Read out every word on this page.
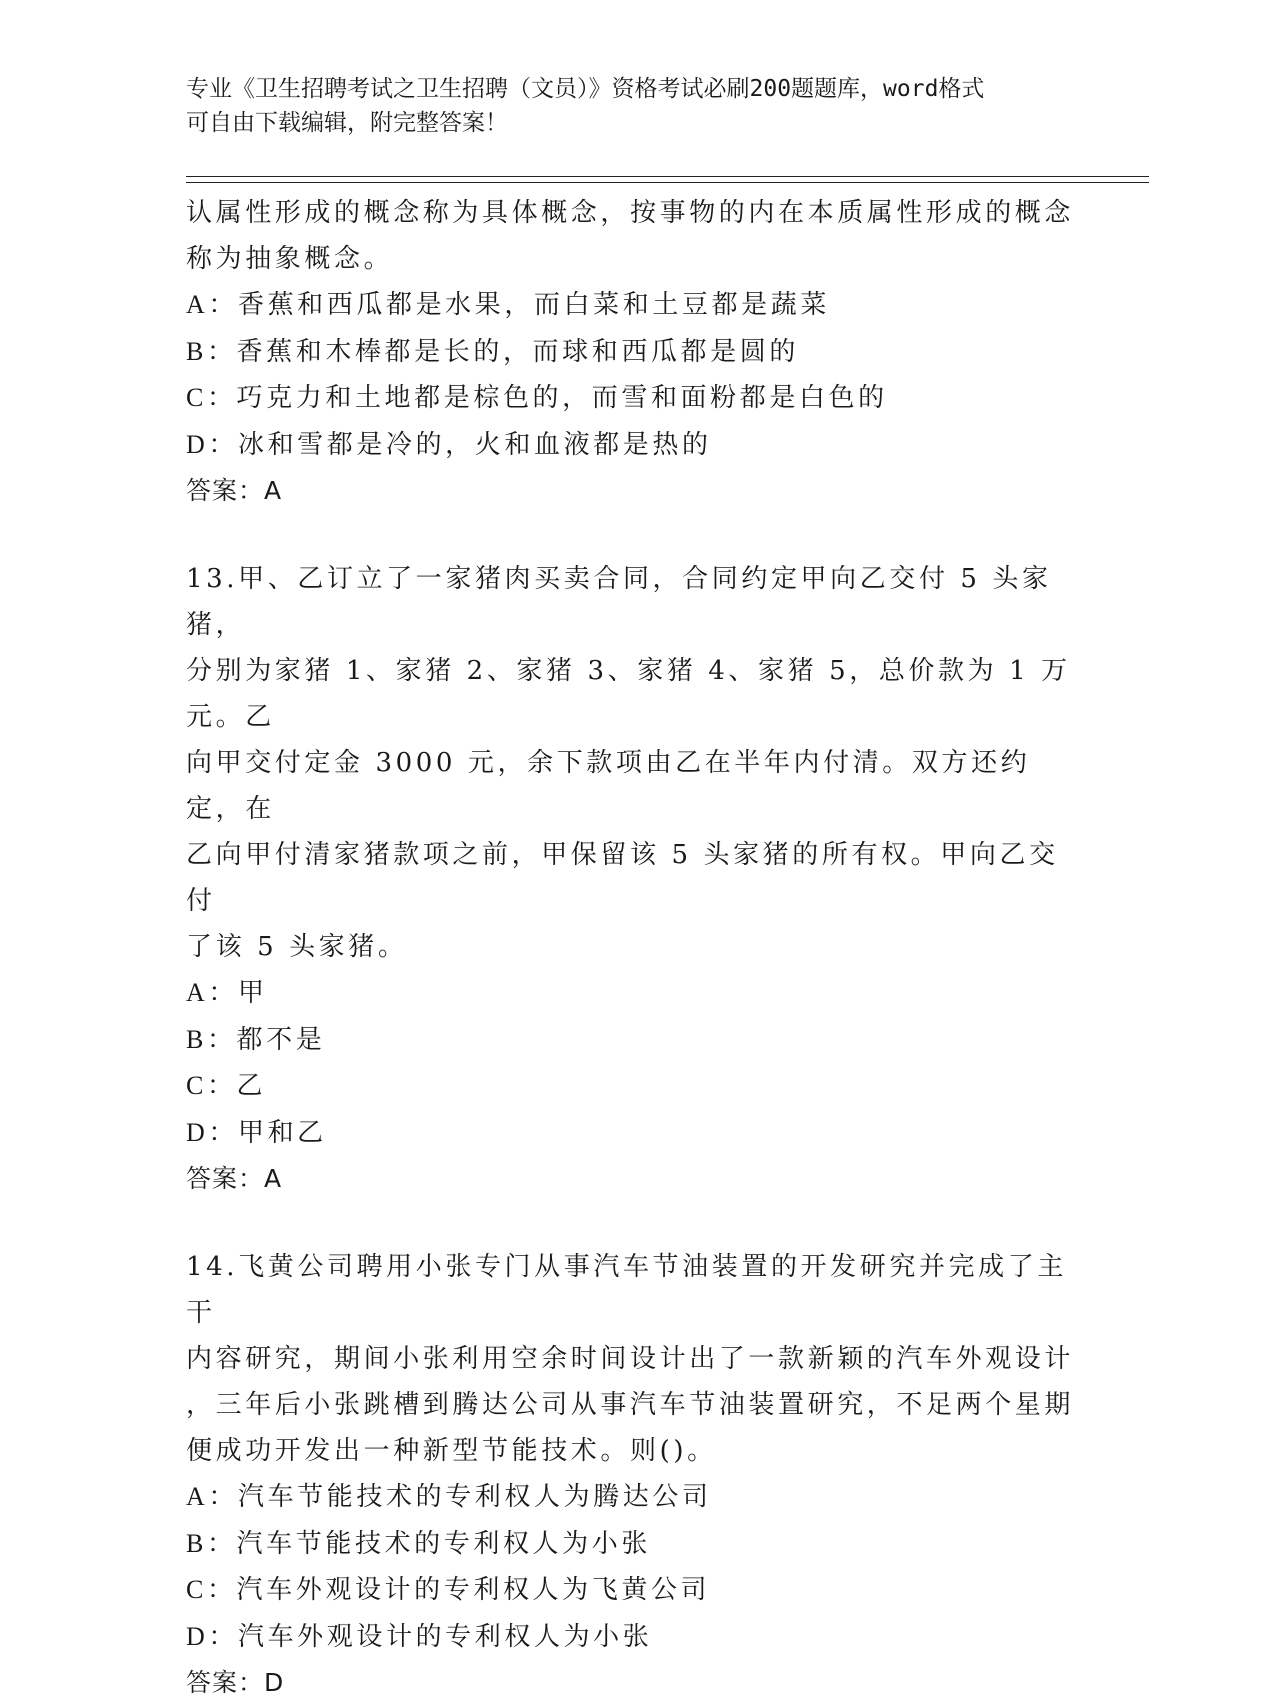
专业《卫生招聘考试之卫生招聘（文员）》资格考试必刷200题题库，word格式
可自由下载编辑，附完整答案！

认属性形成的概念称为具体概念，按事物的内在本质属性形成的概念

称为抽象概念。

A：香蕉和西瓜都是水果，而白菜和土豆都是蔬菜

B：香蕉和木棒都是长的，而球和西瓜都是圆的

C：巧克力和土地都是棕色的，而雪和面粉都是白色的

D：冰和雪都是冷的，火和血液都是热的

答案：A

13.甲、乙订立了一家猪肉买卖合同，合同约定甲向乙交付 5 头家猪，

分别为家猪 1、家猪 2、家猪 3、家猪 4、家猪 5，总价款为 1 万元。乙

向甲交付定金 3000 元，余下款项由乙在半年内付清。双方还约定，在

乙向甲付清家猪款项之前，甲保留该 5 头家猪的所有权。甲向乙交付

了该 5 头家猪。

A：甲

B：都不是

C：乙

D：甲和乙

答案：A

14.飞黄公司聘用小张专门从事汽车节油装置的开发研究并完成了主干

内容研究，期间小张利用空余时间设计出了一款新颖的汽车外观设计

，三年后小张跳槽到腾达公司从事汽车节油装置研究，不足两个星期

便成功开发出一种新型节能技术。则()。

A：汽车节能技术的专利权人为腾达公司

B：汽车节能技术的专利权人为小张

C：汽车外观设计的专利权人为飞黄公司

D：汽车外观设计的专利权人为小张

答案：D
